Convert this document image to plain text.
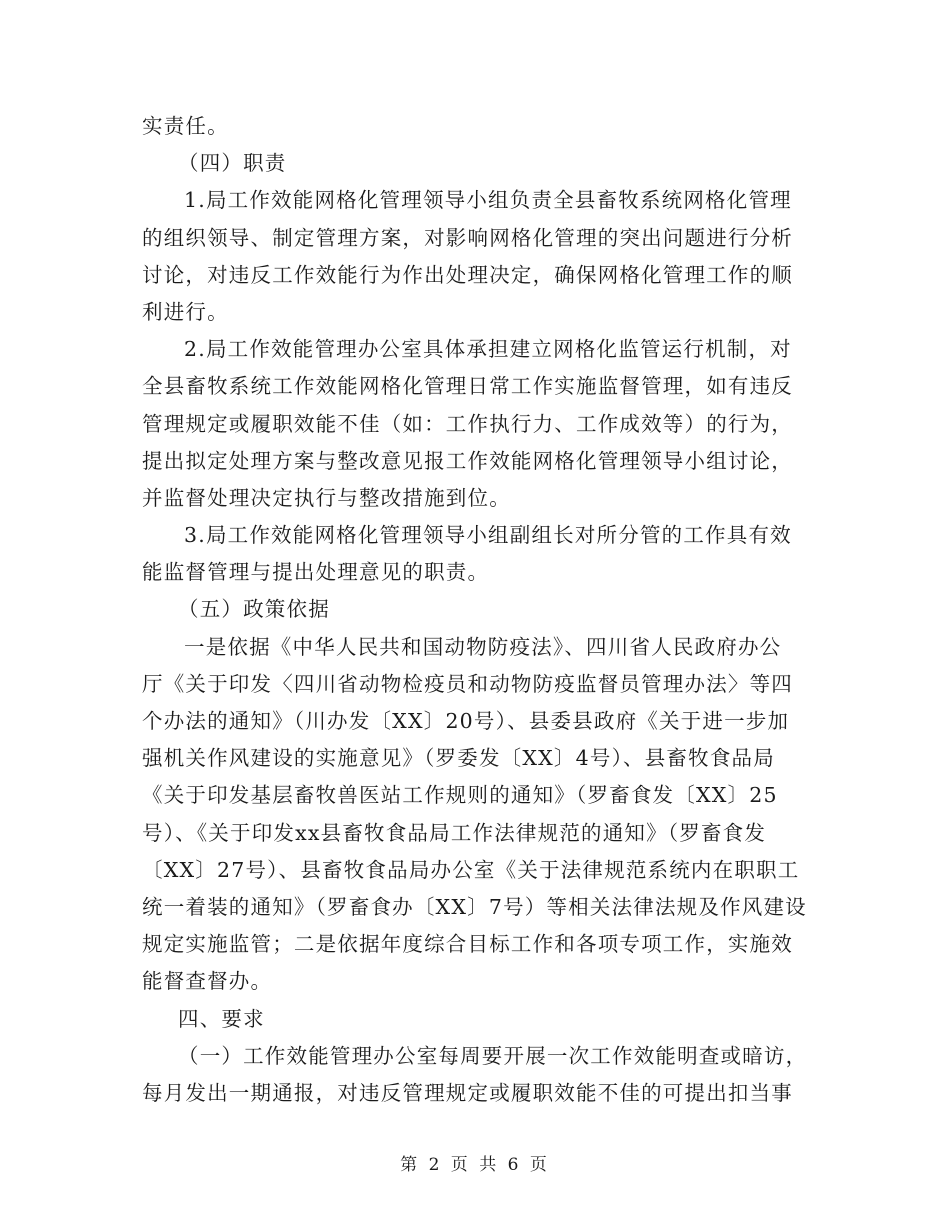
实责任。
（四）职责
1.局工作效能网格化管理领导小组负责全县畜牧系统网格化管理
的组织领导、制定管理方案，对影响网格化管理的突出问题进行分析
讨论，对违反工作效能行为作出处理决定，确保网格化管理工作的顺
利进行。
2.局工作效能管理办公室具体承担建立网格化监管运行机制，对
全县畜牧系统工作效能网格化管理日常工作实施监督管理，如有违反
管理规定或履职效能不佳（如：工作执行力、工作成效等）的行为，
提出拟定处理方案与整改意见报工作效能网格化管理领导小组讨论，
并监督处理决定执行与整改措施到位。
3.局工作效能网格化管理领导小组副组长对所分管的工作具有效
能监督管理与提出处理意见的职责。
（五）政策依据
一是依据《中华人民共和国动物防疫法》、四川省人民政府办公
厅《关于印发〈四川省动物检疫员和动物防疫监督员管理办法〉等四
个办法的通知》（川办发〔XX〕20号）、县委县政府《关于进一步加
强机关作风建设的实施意见》（罗委发〔XX〕4号）、县畜牧食品局
《关于印发基层畜牧兽医站工作规则的通知》（罗畜食发〔XX〕25
号）、《关于印发xx县畜牧食品局工作法律规范的通知》（罗畜食发
〔XX〕27号）、县畜牧食品局办公室《关于法律规范系统内在职职工
统一着装的通知》（罗畜食办〔XX〕7号）等相关法律法规及作风建设
规定实施监管；二是依据年度综合目标工作和各项专项工作，实施效
能督查督办。
四、要求
（一）工作效能管理办公室每周要开展一次工作效能明查或暗访，
每月发出一期通报，对违反管理规定或履职效能不佳的可提出扣当事
第 2 页 共 6 页
